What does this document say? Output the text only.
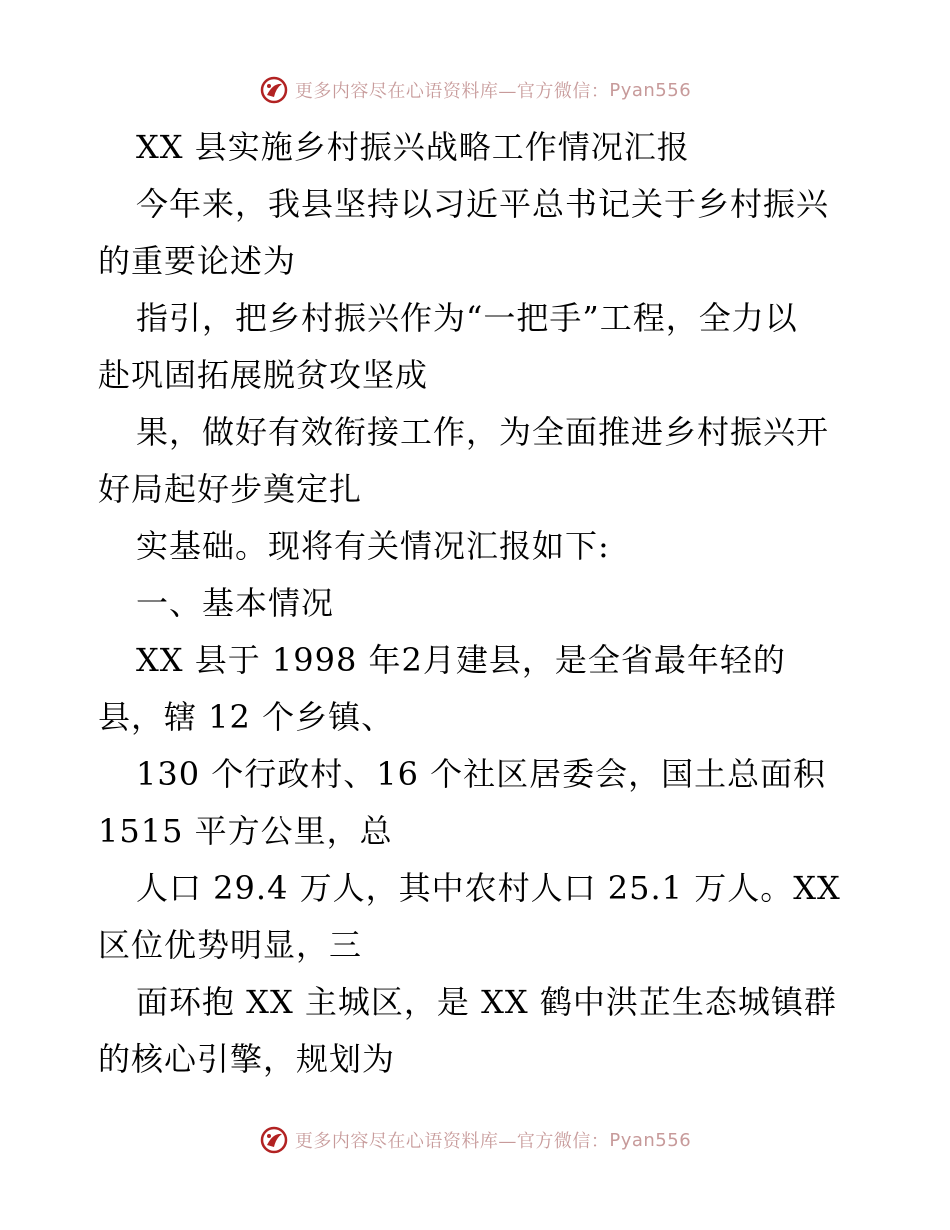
更多内容尽在心语资料库—官方微信： Pyan556
XX 县实施乡村振兴战略工作情况汇报
今年来，我县坚持以习近平总书记关于乡村振兴
的重要论述为
指引，把乡村振兴作为“一把手”工程，全力以
赴巩固拓展脱贫攻坚成
果，做好有效衔接工作，为全面推进乡村振兴开
好局起好步奠定扎
实基础。现将有关情况汇报如下:
一、基本情况
XX 县于 1998 年2月建县，是全省最年轻的
县，辖 12 个乡镇、
130 个行政村、16 个社区居委会，国土总面积
1515 平方公里，总
人口 29.4 万人，其中农村人口 25.1 万人。XX
区位优势明显，三
面环抱 XX 主城区，是 XX 鹤中洪芷生态城镇群
的核心引擎，规划为
更多内容尽在心语资料库—官方微信： Pyan556
